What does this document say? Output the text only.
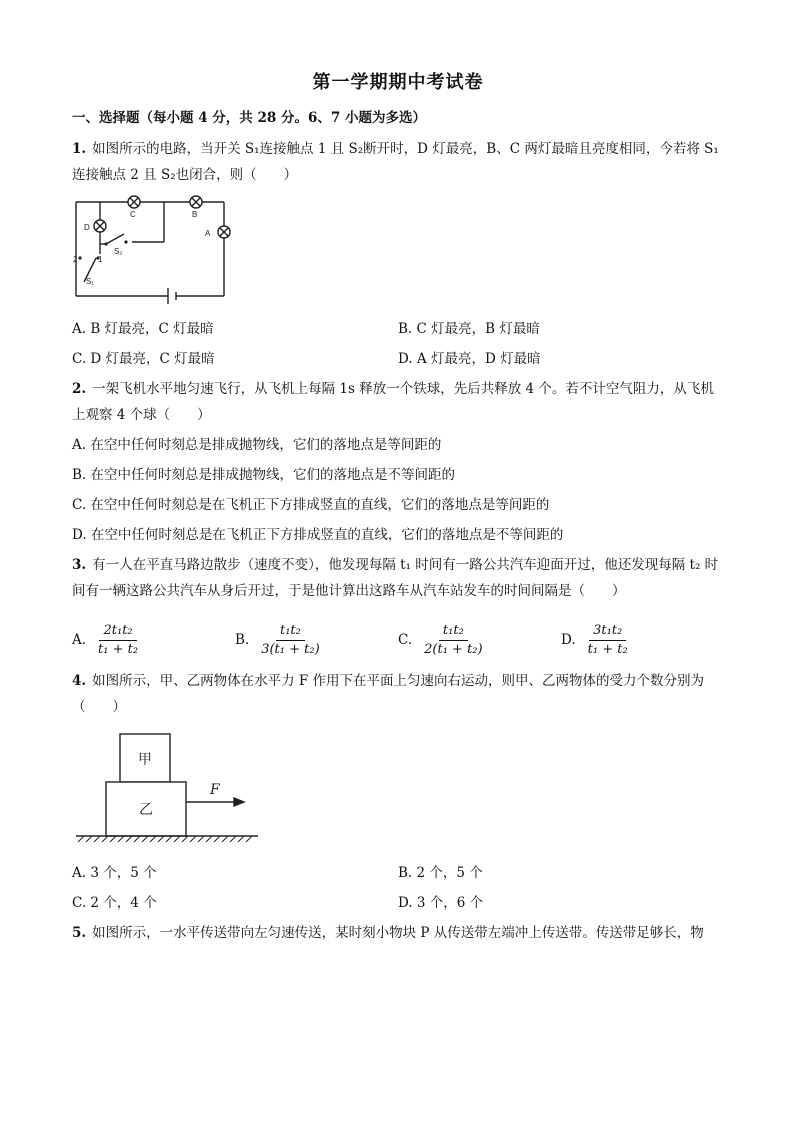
第一学期期中考试卷
一、选择题（每小题 4 分，共 28 分。6、7 小题为多选）
1. 如图所示的电路，当开关 S₁连接触点 1 且 S₂断开时，D 灯最亮，B、C 两灯最暗且亮度相同，今若将 S₁连接触点 2 且 S₂也闭合，则（　　）
C	B
D
A
S₂
S₁
2	1
A. B 灯最亮，C 灯最暗	B. C 灯最亮，B 灯最暗
C. D 灯最亮，C 灯最暗	D. A 灯最亮，D 灯最暗
2. 一架飞机水平地匀速飞行，从飞机上每隔 1s 释放一个铁球，先后共释放 4 个。若不计空气阻力，从飞机上观察 4 个球（　　）
A. 在空中任何时刻总是排成抛物线，它们的落地点是等间距的
B. 在空中任何时刻总是排成抛物线，它们的落地点是不等间距的
C. 在空中任何时刻总是在飞机正下方排成竖直的直线，它们的落地点是等间距的
D. 在空中任何时刻总是在飞机正下方排成竖直的直线，它们的落地点是不等间距的
3. 有一人在平直马路边散步（速度不变），他发现每隔 t₁ 时间有一路公共汽车迎面开过，他还发现每隔 t₂ 时间有一辆这路公共汽车从身后开过，于是他计算出这路车从汽车站发车的时间间隔是（　　）
A. $\frac{\text{2t₁t₂}}{\text{t₁ + t₂}}$	B. $\frac{\text{t₁t₂}}{\text{3(t₁ + t₂)}}$	C. $\frac{\text{t₁t₂}}{\text{2(t₁ + t₂)}}$	D. $\frac{\text{3t₁t₂}}{\text{t₁ + t₂}}$
4. 如图所示，甲、乙两物体在水平力 F 作用下在平面上匀速向右运动，则甲、乙两物体的受力个数分别为（　　）
甲
乙
F
A. 3 个，5 个	B. 2 个，5 个
C. 2 个，4 个	D. 3 个，6 个
5. 如图所示，一水平传送带向左匀速传送，某时刻小物块 P 从传送带左端冲上传送带。传送带足够长，物
